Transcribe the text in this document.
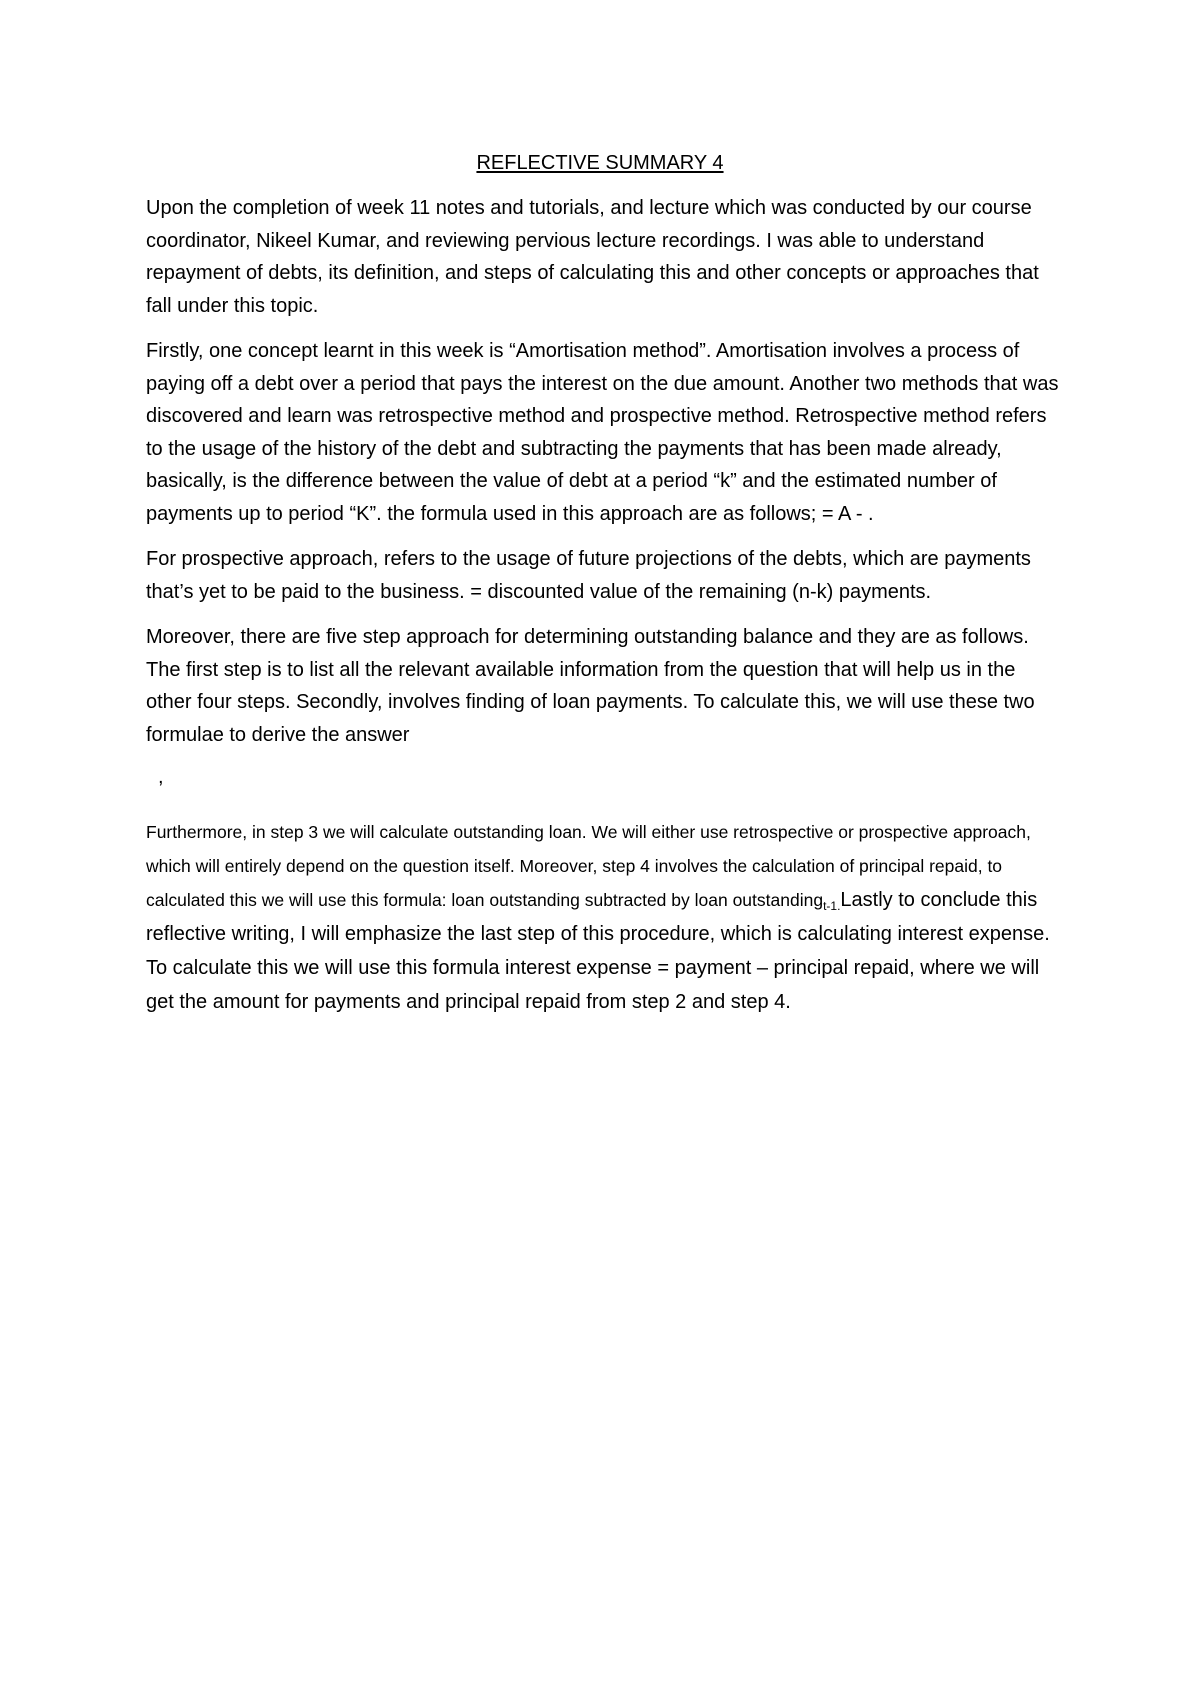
REFLECTIVE SUMMARY 4

Upon the completion of week 11 notes and tutorials, and lecture which was conducted by our course coordinator, Nikeel Kumar, and reviewing pervious lecture recordings. I was able to understand repayment of debts, its definition, and steps of calculating this and other concepts or approaches that fall under this topic.

Firstly, one concept learnt in this week is “Amortisation method”. Amortisation involves a process of paying off a debt over a period that pays the interest on the due amount. Another two methods that was discovered and learn was retrospective method and prospective method. Retrospective method refers to the usage of the history of the debt and subtracting the payments that has been made already, basically, is the difference between the value of debt at a period “k” and the estimated number of payments up to period “K”. the formula used in this approach are as follows; = A - .

For prospective approach, refers to the usage of future projections of the debts, which are payments that’s yet to be paid to the business. = discounted value of the remaining (n-k) payments.

Moreover, there are five step approach for determining outstanding balance and they are as follows. The first step is to list all the relevant available information from the question that will help us in the other four steps. Secondly, involves finding of loan payments. To calculate this, we will use these two formulae to derive the answer

,

Furthermore, in step 3 we will calculate outstanding loan. We will either use retrospective or prospective approach, which will entirely depend on the question itself. Moreover, step 4 involves the calculation of principal repaid, to calculated this we will use this formula: loan outstanding subtracted by loan outstanding$_{t-1.}$Lastly to conclude this reflective writing, I will emphasize the last step of this procedure, which is calculating interest expense. To calculate this we will use this formula interest expense = payment – principal repaid, where we will get the amount for payments and principal repaid from step 2 and step 4.
